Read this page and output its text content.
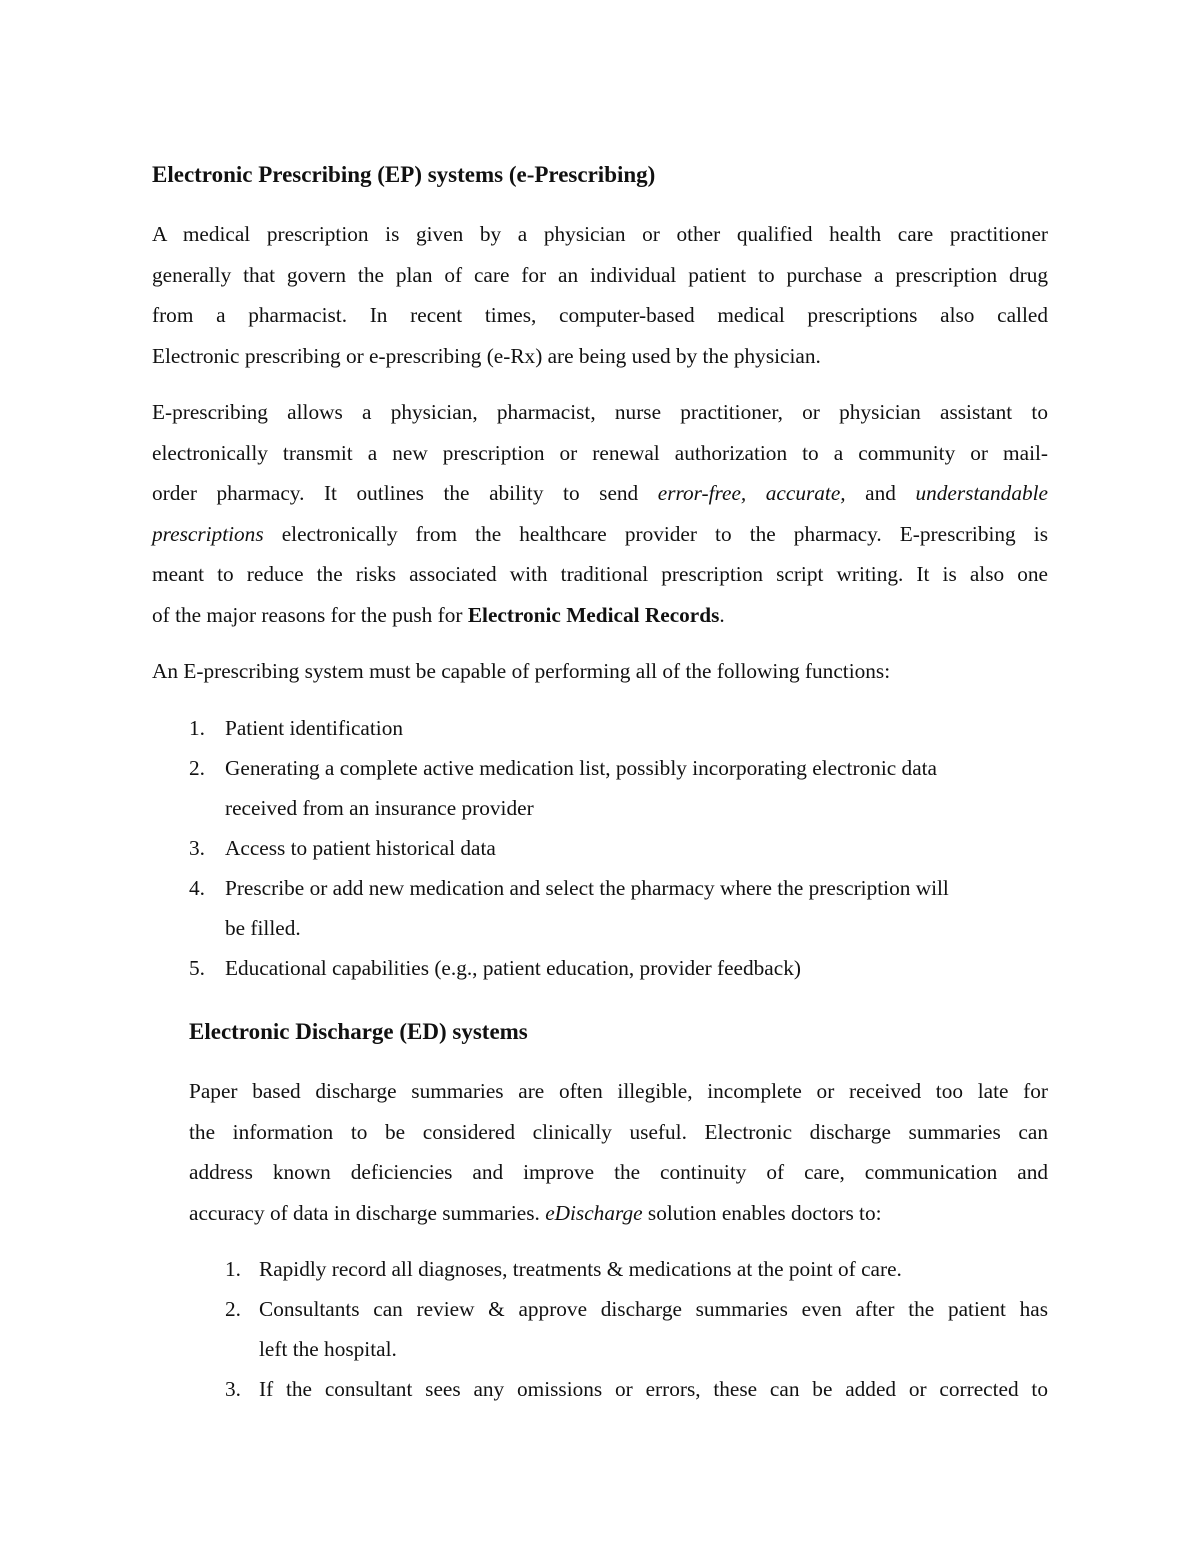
Electronic Prescribing (EP) systems (e-Prescribing)
A medical prescription is given by a physician or other qualified health care practitioner
generally that govern the plan of care for an individual patient to purchase a prescription drug
from a pharmacist. In recent times, computer-based medical prescriptions also called
Electronic prescribing or e-prescribing (e-Rx) are being used by the physician.
E-prescribing allows a physician, pharmacist, nurse practitioner, or physician assistant to
electronically transmit a new prescription or renewal authorization to a community or mail-
order pharmacy. It outlines the ability to send error-free, accurate, and understandable
prescriptions electronically from the healthcare provider to the pharmacy. E-prescribing is
meant to reduce the risks associated with traditional prescription script writing. It is also one
of the major reasons for the push for Electronic Medical Records.
An E-prescribing system must be capable of performing all of the following functions:
1. Patient identification
2. Generating a complete active medication list, possibly incorporating electronic data
received from an insurance provider
3. Access to patient historical data
4. Prescribe or add new medication and select the pharmacy where the prescription will
be filled.
5. Educational capabilities (e.g., patient education, provider feedback)
Electronic Discharge (ED) systems
Paper based discharge summaries are often illegible, incomplete or received too late for
the information to be considered clinically useful. Electronic discharge summaries can
address known deficiencies and improve the continuity of care, communication and
accuracy of data in discharge summaries. eDischarge solution enables doctors to:
1. Rapidly record all diagnoses, treatments & medications at the point of care.
2. Consultants can review & approve discharge summaries even after the patient has
left the hospital.
3. If the consultant sees any omissions or errors, these can be added or corrected to
